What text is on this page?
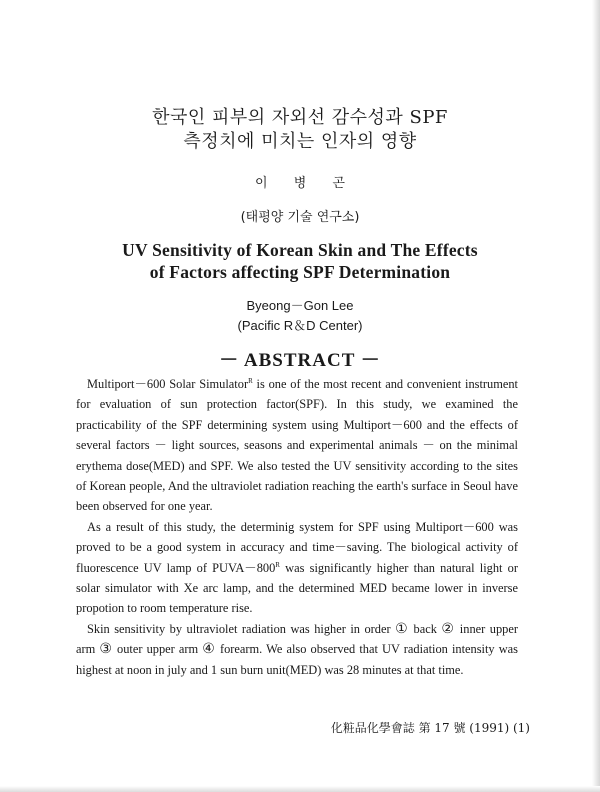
한국인 피부의 자외선 감수성과 SPF
측정치에 미치는 인자의 영향
이 병 곤
(태평양 기술 연구소)
UV Sensitivity of Korean Skin and The Effects
of Factors affecting SPF Determination
Byeong－Gon Lee
(Pacific R＆D Center)
－ ABSTRACT －

Multiport－600 Solar Simulator$^R$ is one of the most recent and convenient instrument for evaluation of sun protection factor(SPF). In this study, we examined the practicability of the SPF determining system using Multiport－600 and the effects of several factors － light sources, seasons and experimental animals － on the minimal erythema dose(MED) and SPF. We also tested the UV sensitivity according to the sites of Korean people, And the ultraviolet radiation reaching the earth's surface in Seoul have been observed for one year.

As a result of this study, the determinig system for SPF using Multiport－600 was proved to be a good system in accuracy and time－saving. The biological activity of fluorescence UV lamp of $PUVA-800^R$ was significantly higher than natural light or solar simulator with Xe arc lamp, and the determined MED became lower in inverse propotion to room temperature rise.

Skin sensitivity by ultraviolet radiation was higher in order ① back ② inner upper arm ③ outer upper arm ④ forearm. We also observed that UV radiation intensity was highest at noon in july and 1 sun burn unit(MED) was 28 minutes at that time.

化粧品化學會誌 第 17 號 (1991) (1)
